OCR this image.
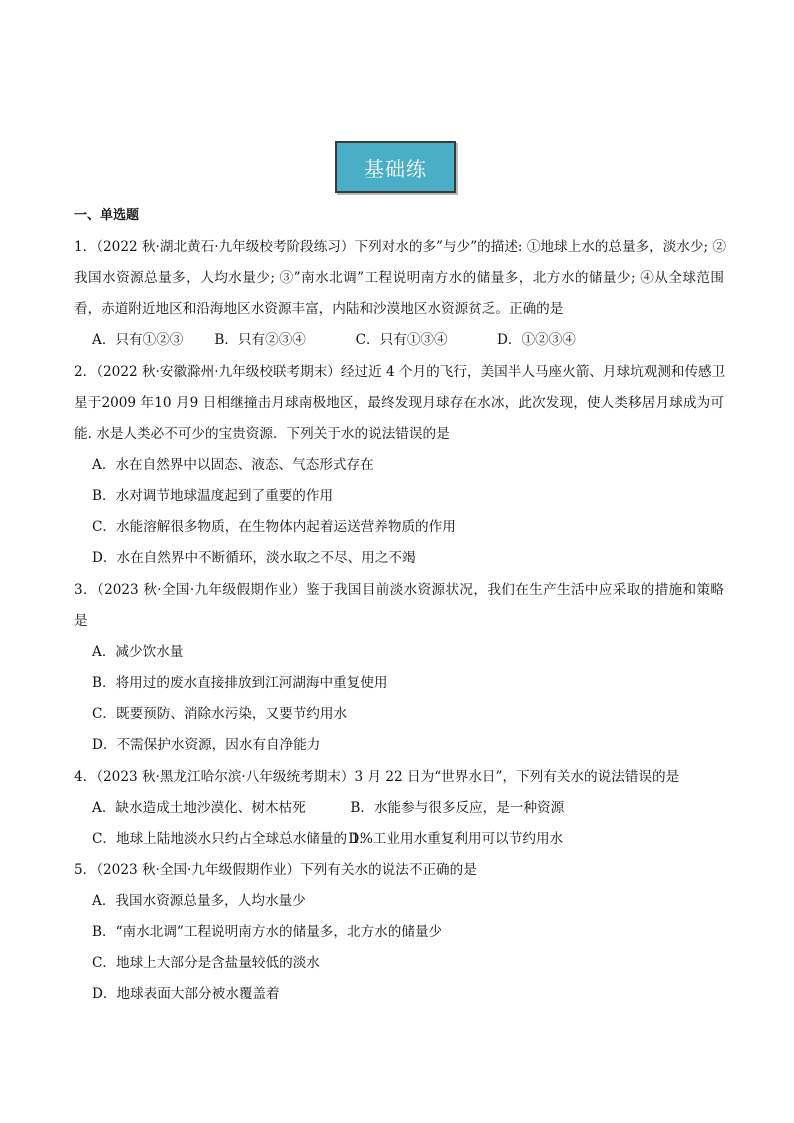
基础练
一、单选题
1．（2022 秋·湖北黄石·九年级校考阶段练习）下列对水的多”与少”的描述: ①地球上水的总量多，淡水少; ②
我国水资源总量多，人均水量少; ③”南水北调”工程说明南方水的储量多，北方水的储量少; ④从全球范围
看，赤道附近地区和沿海地区水资源丰富，内陆和沙漠地区水资源贫乏。正确的是
A．只有①②③ B．只有②③④	C．只有①③④	D．①②③④
2．（2022 秋·安徽滁州·九年级校联考期末）经过近 4 个月的飞行，美国半人马座火箭、月球坑观测和传感卫
星于2009 年10 月9 日相继撞击月球南极地区，最终发现月球存在水冰，此次发现，使人类移居月球成为可
能. 水是人类必不可少的宝贵资源．下列关于水的说法错误的是
A．水在自然界中以固态、液态、气态形式存在
B．水对调节地球温度起到了重要的作用
C．水能溶解很多物质，在生物体内起着运送营养物质的作用
D．水在自然界中不断循环，淡水取之不尽、用之不竭
3．（2023 秋·全国·九年级假期作业）鉴于我国目前淡水资源状况，我们在生产生活中应采取的措施和策略
是
A．减少饮水量
B．将用过的废水直接排放到江河湖海中重复使用
C．既要预防、消除水污染，又要节约用水
D．不需保护水资源，因水有自净能力
4．（2023 秋·黑龙江哈尔滨·八年级统考期末）3 月 22 日为“世界水日”，下列有关水的说法错误的是
A．缺水造成土地沙漠化、树木枯死	B．水能参与很多反应，是一种资源
C．地球上陆地淡水只约占全球总水储量的 1% D．工业用水重复利用可以节约用水
5．（2023 秋·全国·九年级假期作业）下列有关水的说法不正确的是
A．我国水资源总量多，人均水量少
B．“南水北调”工程说明南方水的储量多，北方水的储量少
C．地球上大部分是含盐量较低的淡水
D．地球表面大部分被水覆盖着
